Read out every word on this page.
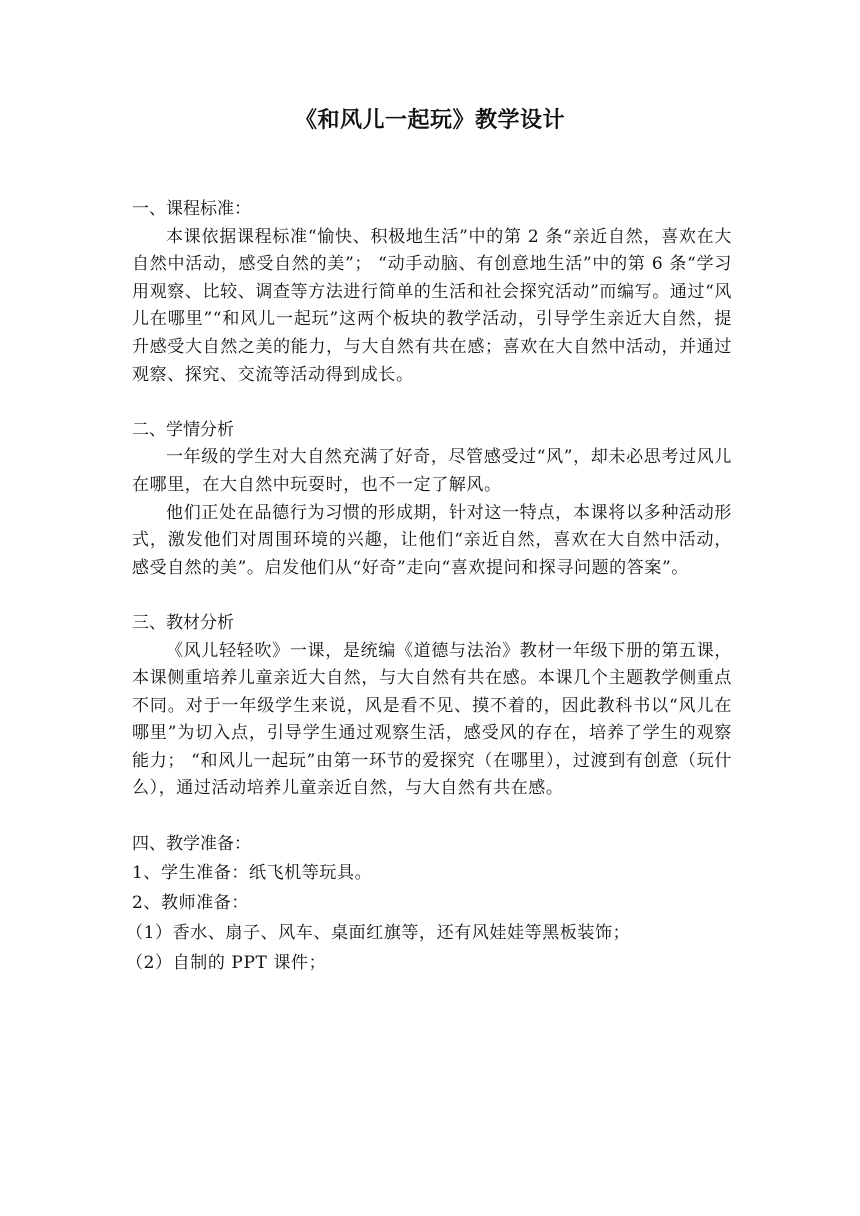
《和风儿一起玩》教学设计

一、课程标准：

本课依据课程标准“愉快、积极地生活”中的第 2 条“亲近自然，喜欢在大自然中活动，感受自然的美”； “动手动脑、有创意地生活”中的第 6 条“学习用观察、比较、调查等方法进行简单的生活和社会探究活动”而编写。通过“风儿在哪里”“和风儿一起玩”这两个板块的教学活动，引导学生亲近大自然，提升感受大自然之美的能力，与大自然有共在感；喜欢在大自然中活动，并通过观察、探究、交流等活动得到成长。

二、学情分析

一年级的学生对大自然充满了好奇，尽管感受过“风”，却未必思考过风儿在哪里，在大自然中玩耍时，也不一定了解风。

他们正处在品德行为习惯的形成期，针对这一特点，本课将以多种活动形式，激发他们对周围环境的兴趣，让他们“亲近自然，喜欢在大自然中活动，感受自然的美”。启发他们从“好奇”走向“喜欢提问和探寻问题的答案”。

三、教材分析

《风儿轻轻吹》一课，是统编《道德与法治》教材一年级下册的第五课，本课侧重培养儿童亲近大自然，与大自然有共在感。本课几个主题教学侧重点不同。对于一年级学生来说，风是看不见、摸不着的，因此教科书以“风儿在哪里”为切入点，引导学生通过观察生活，感受风的存在，培养了学生的观察能力； “和风儿一起玩”由第一环节的爱探究（在哪里），过渡到有创意（玩什么），通过活动培养儿童亲近自然，与大自然有共在感。

四、教学准备：

1、学生准备：纸飞机等玩具。

2、教师准备：

（1）香水、扇子、风车、桌面红旗等，还有风娃娃等黑板装饰；

（2）自制的 PPT 课件；
